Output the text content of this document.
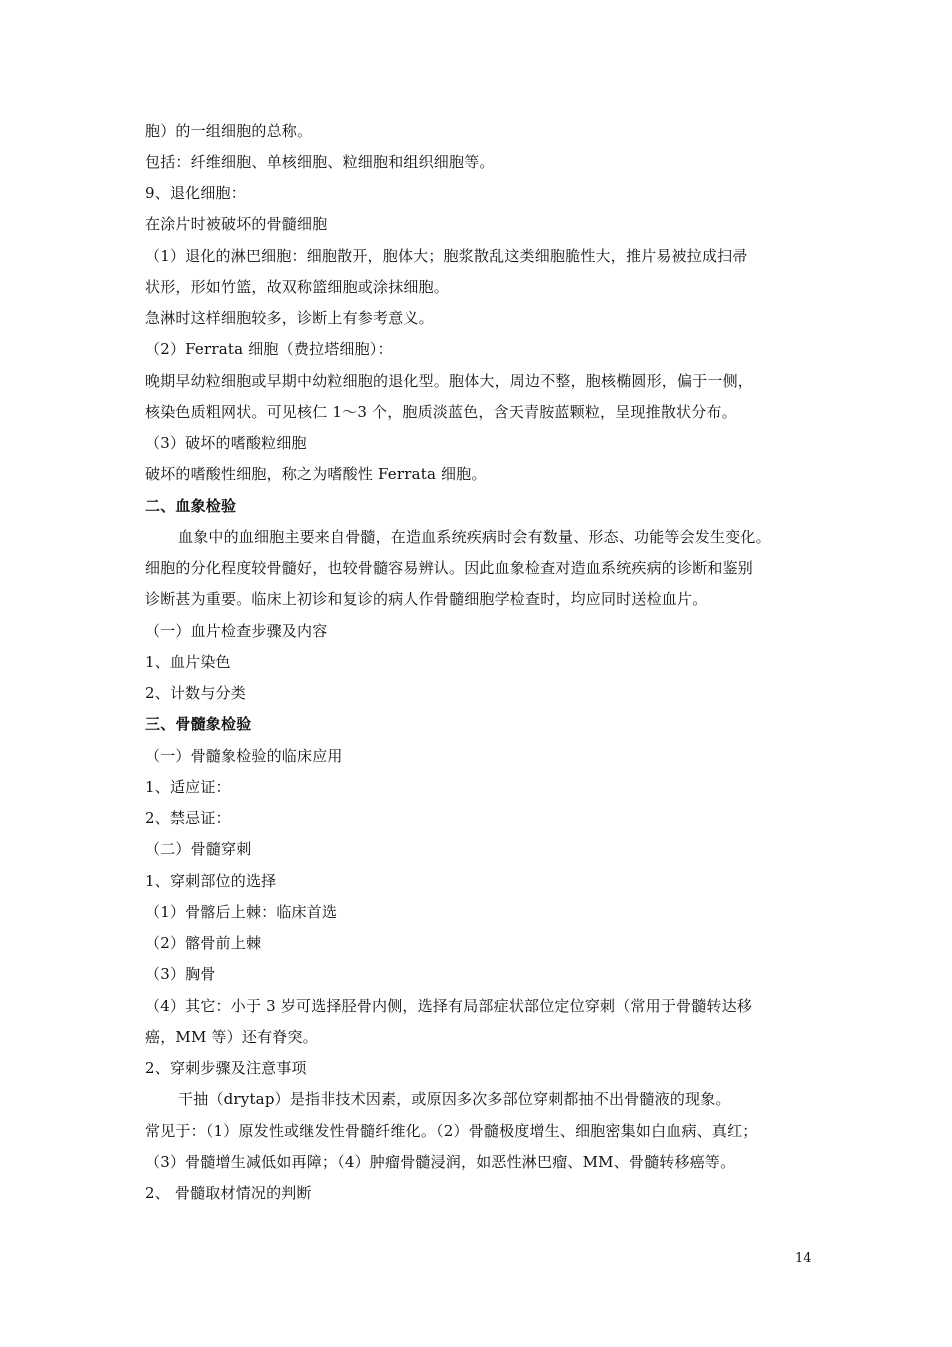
胞）的一组细胞的总称。
包括：纤维细胞、单核细胞、粒细胞和组织细胞等。
9、退化细胞：
在涂片时被破坏的骨髓细胞
（1）退化的淋巴细胞：细胞散开，胞体大；胞浆散乱这类细胞脆性大，推片易被拉成扫帚
状形，形如竹篮，故双称篮细胞或涂抹细胞。
急淋时这样细胞较多，诊断上有参考意义。
（2）Ferrata 细胞（费拉塔细胞）：
晚期早幼粒细胞或早期中幼粒细胞的退化型。胞体大，周边不整，胞核椭圆形，偏于一侧，
核染色质粗网状。可见核仁 1～3 个，胞质淡蓝色，含天青胺蓝颗粒，呈现推散状分布。
（3）破坏的嗜酸粒细胞
破坏的嗜酸性细胞，称之为嗜酸性 Ferrata 细胞。
二、血象检验
血象中的血细胞主要来自骨髓，在造血系统疾病时会有数量、形态、功能等会发生变化。
细胞的分化程度较骨髓好，也较骨髓容易辨认。因此血象检查对造血系统疾病的诊断和鉴别
诊断甚为重要。临床上初诊和复诊的病人作骨髓细胞学检查时，均应同时送检血片。
（一）血片检查步骤及内容
1、血片染色
2、计数与分类
三、骨髓象检验
（一）骨髓象检验的临床应用
1、适应证：
2、禁忌证：
（二）骨髓穿刺
1、穿刺部位的选择
（1）骨髂后上棘：临床首选
（2）髂骨前上棘
（3）胸骨
（4）其它：小于 3 岁可选择胫骨内侧，选择有局部症状部位定位穿刺（常用于骨髓转达移
癌，MM 等）还有脊突。
2、穿刺步骤及注意事项
干抽（drytap）是指非技术因素，或原因多次多部位穿刺都抽不出骨髓液的现象。
常见于：（1）原发性或继发性骨髓纤维化。（2）骨髓极度增生、细胞密集如白血病、真红；
（3）骨髓增生减低如再障；（4）肿瘤骨髓浸润，如恶性淋巴瘤、MM、骨髓转移癌等。
2、 骨髓取材情况的判断
14
